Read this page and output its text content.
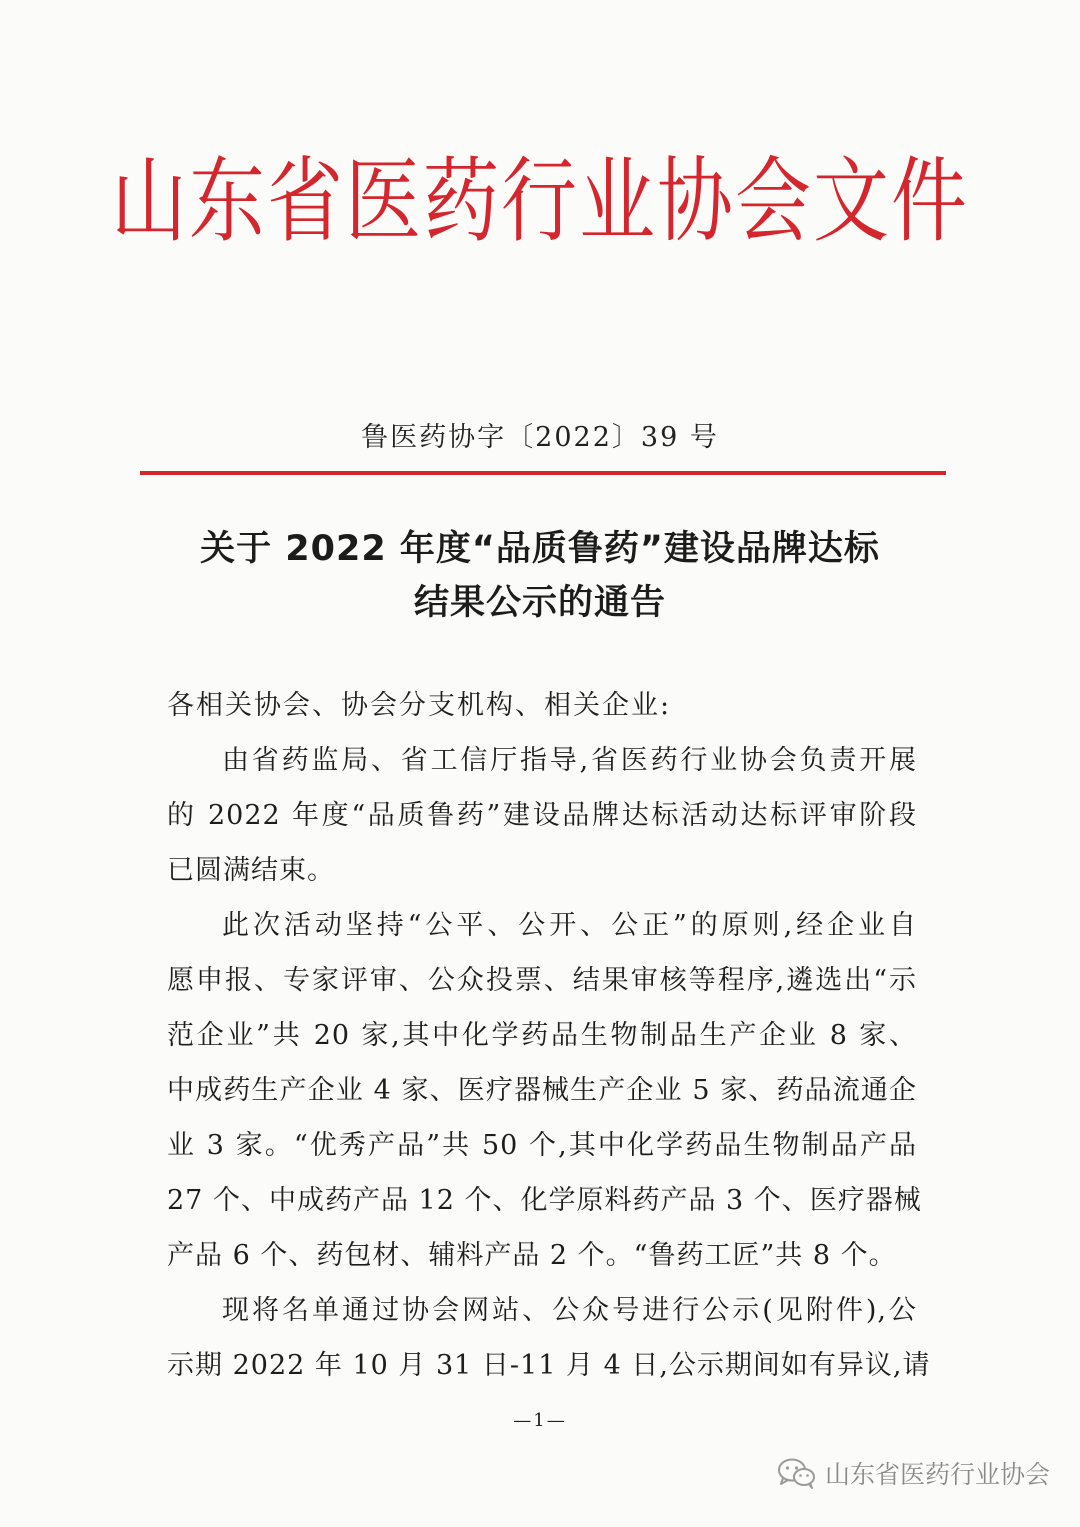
山东省医药行业协会文件
鲁医药协字〔2022〕39 号
关于 2022 年度“品质鲁药”建设品牌达标
结果公示的通告
各相关协会、协会分支机构、相关企业:
由省药监局、省工信厅指导,省医药行业协会负责开展
的 2022 年度“品质鲁药”建设品牌达标活动达标评审阶段
已圆满结束。
此次活动坚持“公平、公开、公正”的原则,经企业自
愿申报、专家评审、公众投票、结果审核等程序,遴选出“示
范企业”共 20 家,其中化学药品生物制品生产企业 8 家、
中成药生产企业 4 家、医疗器械生产企业 5 家、药品流通企
业 3 家。“优秀产品”共 50 个,其中化学药品生物制品产品
27 个、中成药产品 12 个、化学原料药产品 3 个、医疗器械
产品 6 个、药包材、辅料产品 2 个。“鲁药工匠”共 8 个。
现将名单通过协会网站、公众号进行公示(见附件),公
示期 2022 年 10 月 31 日-11 月 4 日,公示期间如有异议,请
—1—
山东省医药行业协会
